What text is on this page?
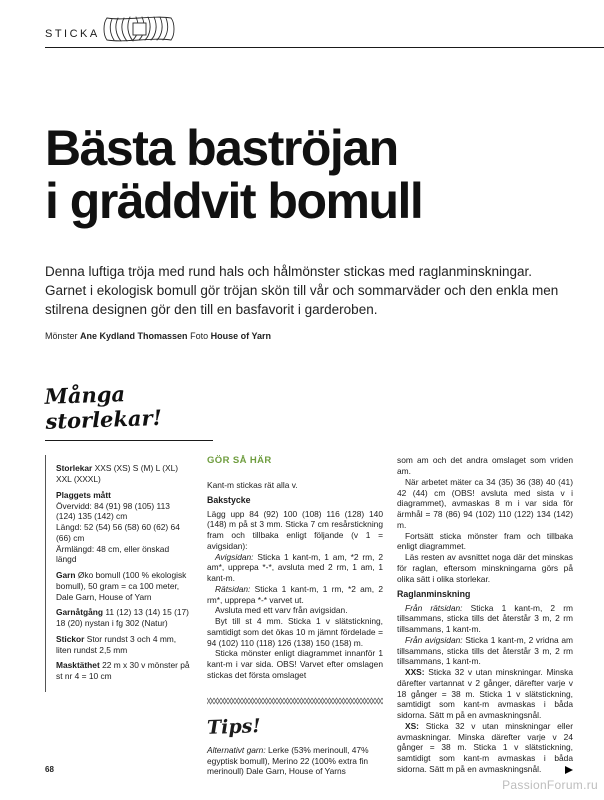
STICKA
Bästa baströjan
i gräddvit bomull

Denna luftiga tröja med rund hals och hålmönster stickas med raglanminskningar. Garnet i ekologisk bomull gör tröjan skön till vår och sommarväder och den enkla men stilrena designen gör den till en basfavorit i garderoben.

Mönster Ane Kydland Thomassen Foto House of Yarn

Många storlekar!
Storlekar XXS (XS) S (M) L (XL) XXL (XXXL)
Plaggets mått
Övervidd: 84 (91) 98 (105) 113 (124) 135 (142) cm
Längd: 52 (54) 56 (58) 60 (62) 64 (66) cm
Ärmlängd: 48 cm, eller önskad längd
Garn Øko bomull (100 % ekologisk bomull), 50 gram = ca 100 meter, Dale Garn, House of Yarn
Garnåtgång 11 (12) 13 (14) 15 (17) 18 (20) nystan i fg 302 (Natur)
Stickor Stor rundst 3 och 4 mm, liten rundst 2,5 mm
Masktäthet 22 m x 30 v mönster på st nr 4 = 10 cm
GÖR SÅ HÄR

Kant-m stickas rät alla v.

Bakstycke

Lägg upp 84 (92) 100 (108) 116 (128) 140 (148) m på st 3 mm. Sticka 7 cm resårstickning fram och tillbaka enligt följande (v 1 = avigsidan):

Avigsidan: Sticka 1 kant-m, 1 am, *2 rm, 2 am*, upprepa *-*, avsluta med 2 rm, 1 am, 1 kant-m.

Rätsidan: Sticka 1 kant-m, 1 rm, *2 am, 2 rm*, upprepa *-* varvet ut.

Avsluta med ett varv från avigsidan.

Byt till st 4 mm. Sticka 1 v slätstickning, samtidigt som det ökas 10 m jämnt fördelade = 94 (102) 110 (118) 126 (138) 150 (158) m.

Sticka mönster enligt diagrammet innanför 1 kant-m i var sida. OBS! Varvet efter omslagen stickas det första omslaget

Tips!

Alternativt garn: Lerke (53% merinoull, 47% egyptisk bomull), Merino 22 (100% extra fin merinoull) Dale Garn, House of Yarns

som am och det andra omslaget som vriden am.

När arbetet mäter ca 34 (35) 36 (38) 40 (41) 42 (44) cm (OBS! avsluta med sista v i diagrammet), avmaskas 8 m i var sida för ärmhål = 78 (86) 94 (102) 110 (122) 134 (142) m.

Fortsätt sticka mönster fram och tillbaka enligt diagrammet.

Läs resten av avsnittet noga där det minskas för raglan, eftersom minskningarna görs på olika sätt i olika storlekar.

Raglanminskning

Från rätsidan: Sticka 1 kant-m, 2 rm tillsammans, sticka tills det återstår 3 m, 2 rm tillsammans, 1 kant-m.

Från avigsidan: Sticka 1 kant-m, 2 vridna am tillsammans, sticka tills det återstår 3 m, 2 rm tillsammans, 1 kant-m.

XXS: Sticka 32 v utan minskningar. Minska därefter vartannat v 2 gånger, därefter varje v 18 gånger = 38 m. Sticka 1 v slätstickning, samtidigt som kant-m avmaskas i båda sidorna. Sätt m på en avmaskningsnål.

XS: Sticka 32 v utan minskningar eller avmaskningar. Minska därefter varje v 24 gånger = 38 m. Sticka 1 v slätstickning, samtidigt som kant-m avmaskas i båda sidorna. Sätt m på en avmaskningsnål.

68
PassionForum.ru
